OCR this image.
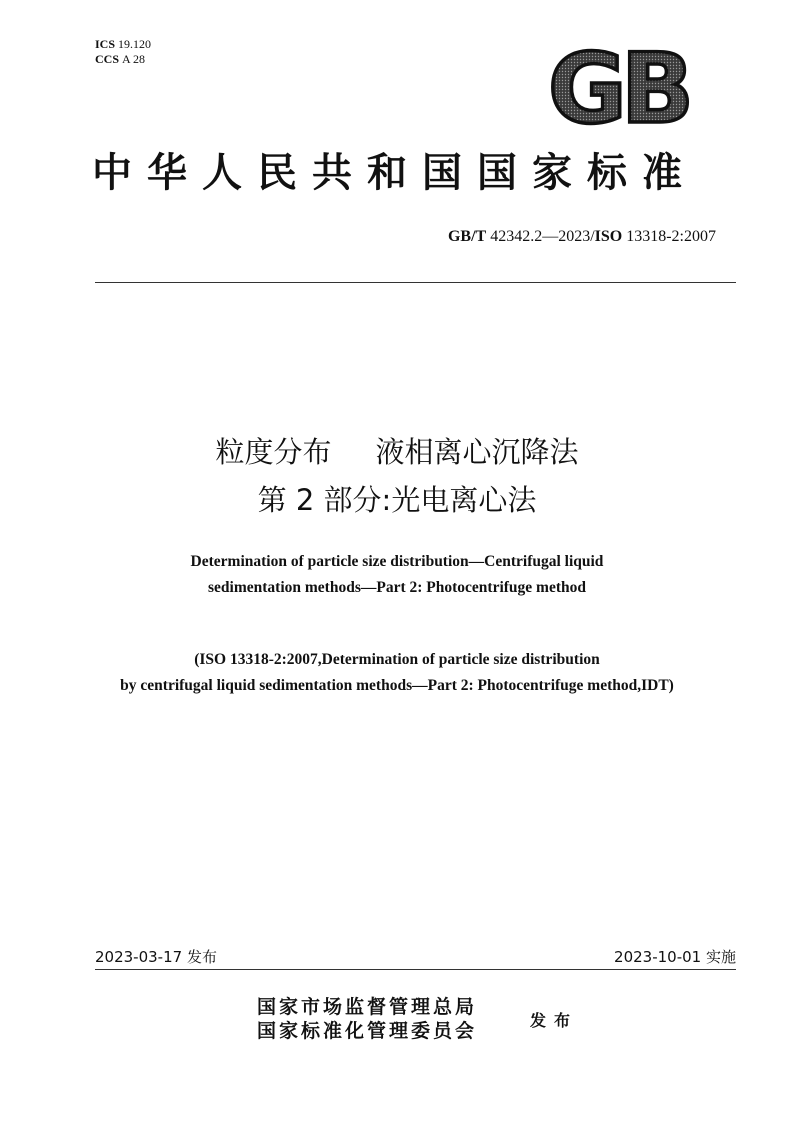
ICS 19.120
CCS A 28	GB
中华人民共和国国家标准
GB/T 42342.2—2023/ISO 13318-2:2007
粒度分布 液相离心沉降法
第 2 部分:光电离心法
Determination of particle size distribution—Centrifugal liquid
sedimentation methods—Part 2: Photocentrifuge method
(ISO 13318-2:2007,Determination of particle size distribution
by centrifugal liquid sedimentation methods—Part 2: Photocentrifuge method,IDT)
2023-03-17 发布	2023-10-01 实施
国家市场监督管理总局
国家标准化管理委员会	发布
